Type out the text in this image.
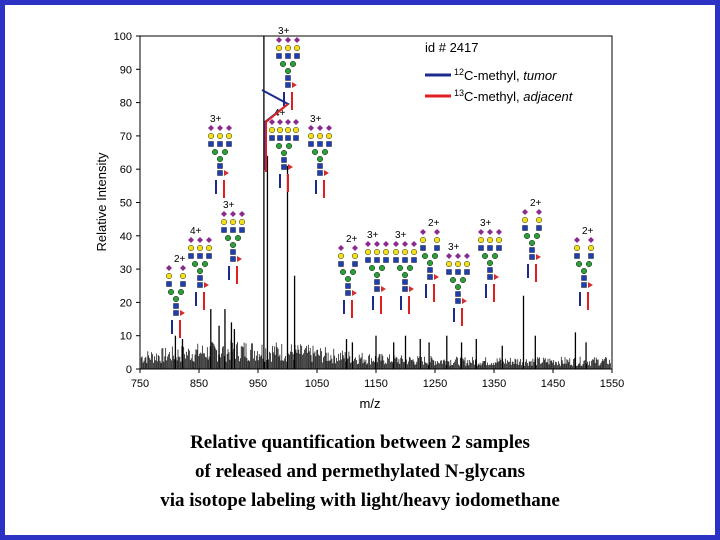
750	850	950	1050	1150	1250	1350	1450	1550
0
10
20
30
40
50
60
70
80
90
100
2+
4+
3+
3+
3+
4+
3+
2+ 3+ 3+
2+
3+
3+
2+
2+
m/z
Relative Intensity
id # 2417
$^{12}$C-methyl, tumor
$^{13}$C-methyl, adjacent
Relative quantification between 2 samples
of released and permethylated N-glycans
via isotope labeling with light/heavy iodomethane
